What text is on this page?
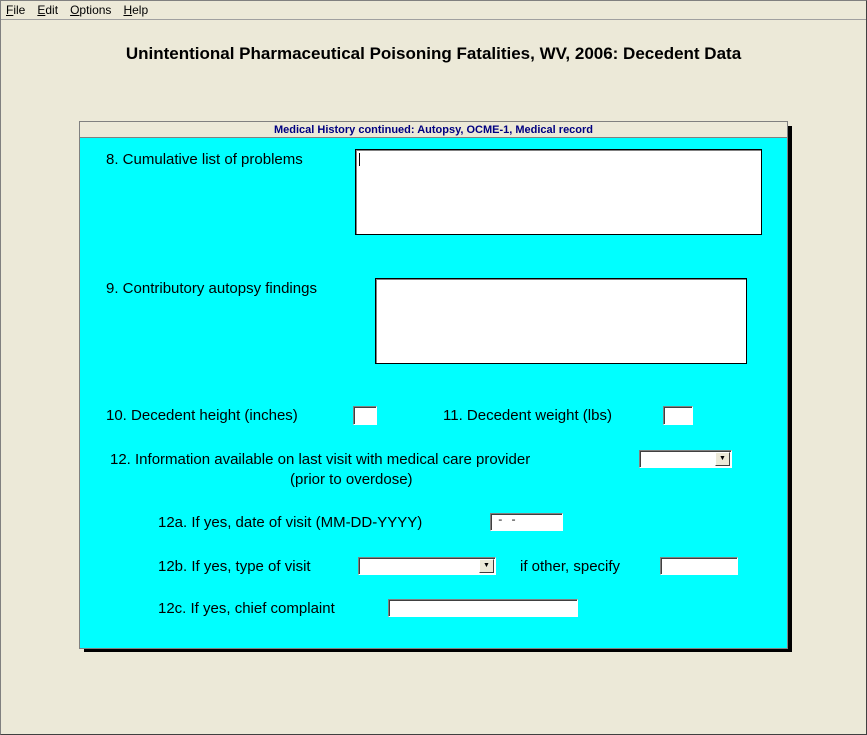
File Edit Options Help
Unintentional Pharmaceutical Poisoning Fatalities, WV, 2006: Decedent Data
Medical History continued: Autopsy, OCME-1, Medical record
8. Cumulative list of problems
9. Contributory autopsy findings
10. Decedent height (inches)	11. Decedent weight (lbs)
12. Information available on last visit with medical care provider
(prior to overdose)
▼
12a. If yes, date of visit (MM-DD-YYYY)	- -
12b. If yes, type of visit	▼ if other, specify
12c. If yes, chief complaint
